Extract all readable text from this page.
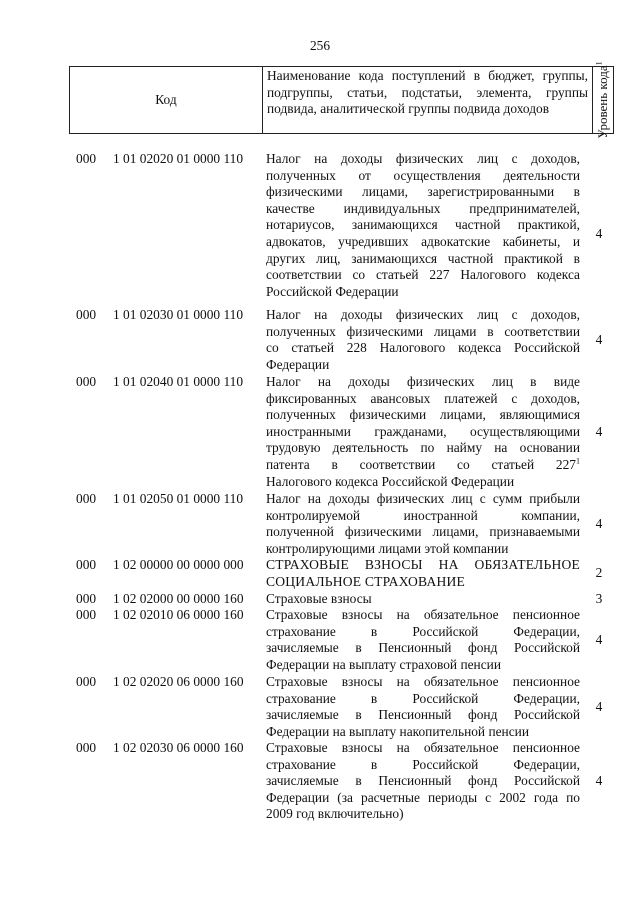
256
Код
Наименование кода поступлений в бюджет, группы, подгруппы, статьи, подстатьи, элемента, группы подвида, аналитической группы подвида доходов	Уровень кода$^1$
000 1 01 02020 01 0000 110 Налог на доходы физических лиц с доходов,
полученных от осуществления деятельности
физическими лицами, зарегистрированными в
качестве индивидуальных предпринимателей,
нотариусов, занимающихся частной практикой,
адвокатов, учредивших адвокатские кабинеты, и
других лиц, занимающихся частной практикой в
соответствии со статьей 227 Налогового кодекса
Российской Федерации
4
000 1 01 02030 01 0000 110 Налог на доходы физических лиц с доходов,
полученных физическими лицами в соответствии
со статьей 228 Налогового кодекса Российской
Федерации
4
000 1 01 02040 01 0000 110 Налог на доходы физических лиц в виде
фиксированных авансовых платежей с доходов,
полученных физическими лицами, являющимися
иностранными гражданами, осуществляющими
трудовую деятельность по найму на основании
патента в соответствии со статьей $227^1$
Налогового кодекса Российской Федерации
4
000 1 01 02050 01 0000 110 Налог на доходы физических лиц с сумм прибыли
контролируемой иностранной компании,
полученной физическими лицами, признаваемыми
контролирующими лицами этой компании
4
000 1 02 00000 00 0000 000 СТРАХОВЫЕ ВЗНОСЫ НА ОБЯЗАТЕЛЬНОЕ
СОЦИАЛЬНОЕ СТРАХОВАНИЕ
2
000 1 02 02000 00 0000 160 Страховые взносы	3
000 1 02 02010 06 0000 160 Страховые взносы на обязательное пенсионное
страхование в Российской Федерации,
зачисляемые в Пенсионный фонд Российской
Федерации на выплату страховой пенсии
4
000 1 02 02020 06 0000 160 Страховые взносы на обязательное пенсионное
страхование в Российской Федерации,
зачисляемые в Пенсионный фонд Российской
Федерации на выплату накопительной пенсии
4
000 1 02 02030 06 0000 160 Страховые взносы на обязательное пенсионное
страхование в Российской Федерации,
зачисляемые в Пенсионный фонд Российской
Федерации (за расчетные периоды с 2002 года по
2009 год включительно)
4
